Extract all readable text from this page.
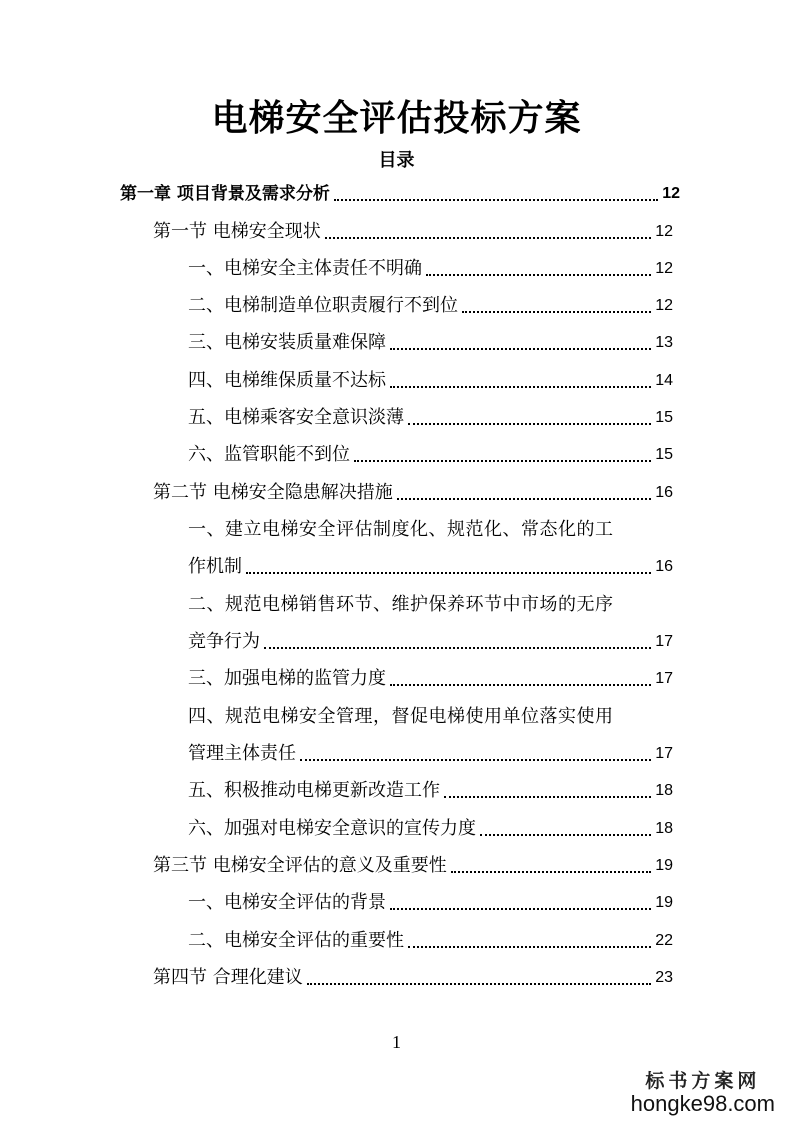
电梯安全评估投标方案
目录
第一章 项目背景及需求分析	12
第一节 电梯安全现状	12
一、电梯安全主体责任不明确	12
二、电梯制造单位职责履行不到位	12
三、电梯安装质量难保障	13
四、电梯维保质量不达标	14
五、电梯乘客安全意识淡薄	15
六、监管职能不到位	15
第二节 电梯安全隐患解决措施	16
一、建立电梯安全评估制度化、规范化、常态化的工
作机制	16
二、规范电梯销售环节、维护保养环节中市场的无序
竞争行为	17
三、加强电梯的监管力度	17
四、规范电梯安全管理，督促电梯使用单位落实使用
管理主体责任	17
五、积极推动电梯更新改造工作	18
六、加强对电梯安全意识的宣传力度	18
第三节 电梯安全评估的意义及重要性	19
一、电梯安全评估的背景	19
二、电梯安全评估的重要性	22
第四节 合理化建议	23
1
标书方案网
hongke98.com
